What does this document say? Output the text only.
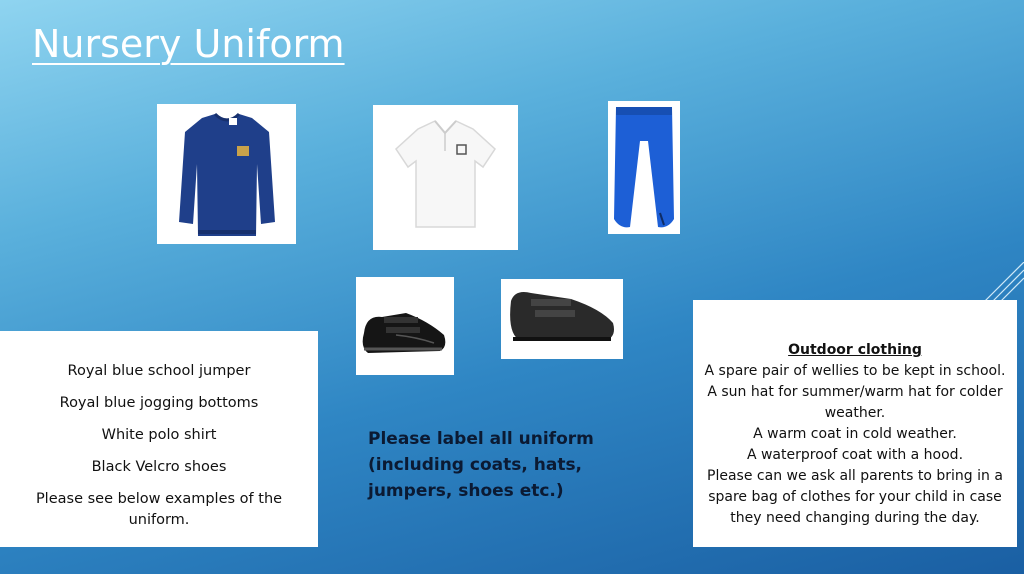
Nursery Uniform

Royal blue school jumper

Royal blue jogging bottoms

White polo shirt

Black Velcro shoes

Please see below examples of the uniform.

Please label all uniform (including coats, hats, jumpers, shoes etc.)

Outdoor clothing

A spare pair of wellies to be kept in school.

A sun hat for summer/warm hat for colder weather.

A warm coat in cold weather.

A waterproof coat with a hood.

Please can we ask all parents to bring in a spare bag of clothes for your child in case they need changing during the day.
